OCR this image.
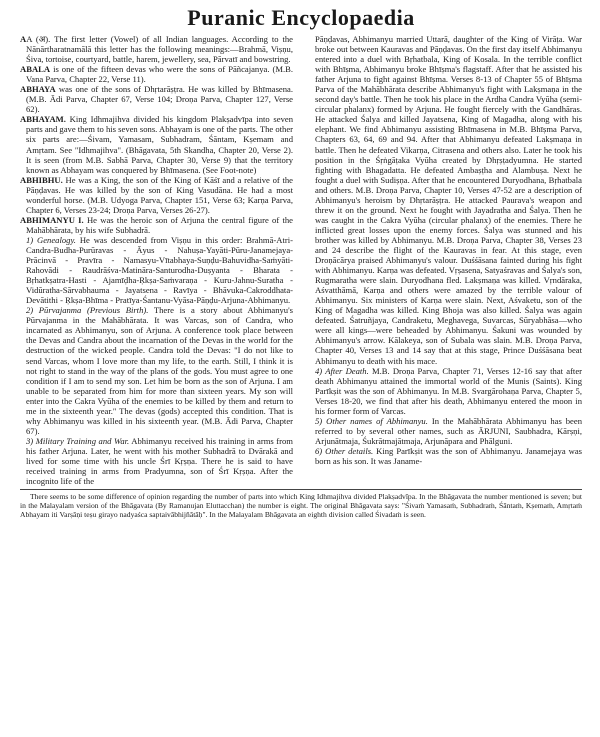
Puranic Encyclopaedia

AA (अ). The first letter (Vowel) of all Indian languages. According to the Nānārtharatnamālā this letter has the following meanings:—Brahmā, Viṣṇu, Śiva, tortoise, courtyard, battle, harem, jewellery, sea, Pārvatī and bowstring.

ABALA is one of the fifteen devas who were the sons of Pāñcajanya. (M.B. Vana Parva, Chapter 22, Verse 11).

ABHAYA was one of the sons of Dhṛtarāṣṭra. He was killed by Bhīmasena. (M.B. Ādi Parva, Chapter 67, Verse 104; Droṇa Parva, Chapter 127, Verse 62).

ABHAYAM. King Idhmajihva divided his kingdom Plakṣadvīpa into seven parts and gave them to his seven sons. Abhayam is one of the parts. The other six parts are:—Śivam, Yamasam, Subhadram, Śāntam, Kṣemam and Amṛtam. See "Idhmajihva". (Bhāgavata, 5th Skandha, Chapter 20, Verse 2). It is seen (from M.B. Sabhā Parva, Chapter 30, Verse 9) that the territory known as Abhayam was conquered by Bhīmasena. (See Foot-note)

ABHIBHU. He was a King, the son of the King of Kāśī and a relative of the Pāṇḍavas. He was killed by the son of King Vasudāna. He had a most wonderful horse. (M.B. Udyoga Parva, Chapter 151, Verse 63; Karṇa Parva, Chapter 6, Verses 23-24; Droṇa Parva, Verses 26-27).

ABHIMANYU I. He was the heroic son of Arjuna the central figure of the Mahābhārata, by his wife Subhadrā.

1) Genealogy. He was descended from Viṣṇu in this order: Brahmā-Atri-Candra-Budha-Purūravas - Āyus - Nahuṣa-Yayāti-Pūru-Janamejaya- Prācinvā - Pravīra - Namasyu-Vītabhaya-Suṇḍu-Bahuvidha-Saṁyāti-Rahovādi - Raudrāśva-Matināra-Santurodha-Duṣyanta - Bharata - Bṛhatkṣatra-Hasti - Ajamīḍha-Ṛkṣa-Saṁvaraṇa - Kuru-Jahnu-Suratha - Vidūratha-Sārvabhauma - Jayatsena - Ravīya - Bhāvuka-Cakroddhata-Devātithi - Ṛkṣa-Bhīma - Pratīya-Śantanu-Vyāsa-Pāṇḍu-Arjuna-Abhimanyu.

2) Pūrvajanma (Previous Birth). There is a story about Abhimanyu's Pūrvajanma in the Mahābhārata. It was Varcas, son of Candra, who incarnated as Abhimanyu, son of Arjuna. A conference took place between the Devas and Candra about the incarnation of the Devas in the world for the destruction of the wicked people. Candra told the Devas: "I do not like to send Varcas, whom I love more than my life, to the earth. Still, I think it is not right to stand in the way of the plans of the gods. You must agree to one condition if I am to send my son. Let him be born as the son of Arjuna. I am unable to be separated from him for more than sixteen years. My son will enter into the Cakra Vyūha of the enemies to be killed by them and return to me in the sixteenth year." The devas (gods) accepted this condition. That is why Abhimanyu was killed in his sixteenth year. (M.B. Ādi Parva, Chapter 67).

3) Military Training and War. Abhimanyu received his training in arms from his father Arjuna. Later, he went with his mother Subhadrā to Dvārakā and lived for some time with his uncle Śrī Kṛṣṇa. There he is said to have received training in arms from Pradyumna, son of Śrī Kṛṣṇa. After the incognito life of the

Pāṇḍavas, Abhimanyu married Uttarā, daughter of the King of Virāṭa. War broke out between Kauravas and Pāṇḍavas. On the first day itself Abhimanyu entered into a duel with Bṛhatbala, King of Kosala. In the terrible conflict with Bhīṣma, Abhimanyu broke Bhīṣma's flagstaff. After that he assisted his father Arjuna to fight against Bhīṣma. Verses 8-13 of Chapter 55 of Bhīṣma Parva of the Mahābhārata describe Abhimanyu's fight with Lakṣmaṇa in the second day's battle. Then he took his place in the Ardha Candra Vyūha (semi-circular phalanx) formed by Arjuna. He fought fiercely with the Gandhāras. He attacked Śalya and killed Jayatsena, King of Magadha, along with his elephant. We find Abhimanyu assisting Bhīmasena in M.B. Bhīṣma Parva, Chapters 63, 64, 69 and 94. After that Abhimanyu defeated Lakṣmaṇa in battle. Then he defeated Vikarṇa, Citrasena and others also. Later he took his position in the Śṛṅgāṭaka Vyūha created by Dhṛṣṭadyumna. He started fighting with Bhagadatta. He defeated Ambaṣṭha and Alambuṣa. Next he fought a duel with Sudiṣṇa. After that he encountered Duryodhana, Bṛhatbala and others. M.B. Droṇa Parva, Chapter 10, Verses 47-52 are a description of Abhimanyu's heroism by Dhṛtarāṣṭra. He attacked Paurava's weapon and threw it on the ground. Next he fought with Jayadratha and Śalya. Then he was caught in the Cakra Vyūha (circular phalanx) of the enemies. There he inflicted great losses upon the enemy forces. Śalya was stunned and his brother was killed by Abhimanyu. M.B. Droṇa Parva, Chapter 38, Verses 23 and 24 describe the flight of the Kauravas in fear. At this stage, even Droṇācārya praised Abhimanyu's valour. Duśśāsana fainted during his fight with Abhimanyu. Karṇa was defeated. Vṛṣasena, Satyaśravas and Śalya's son, Rugmaratha were slain. Duryodhana fled. Lakṣmaṇa was killed. Vṛndāraka, Aśvatthāmā, Karṇa and others were amazed by the terrible valour of Abhimanyu. Six ministers of Karṇa were slain. Next, Aśvaketu, son of the King of Magadha was killed. King Bhoja was also killed. Śalya was again defeated. Śatruñjaya, Candraketu, Meghavega, Suvarcas, Sūryabhāsa—who were all kings—were beheaded by Abhimanyu. Śakuni was wounded by Abhimanyu's arrow. Kālakeya, son of Subala was slain. M.B. Droṇa Parva, Chapter 40, Verses 13 and 14 say that at this stage, Prince Duśśāsana beat Abhimanyu to death with his mace.

4) After Death. M.B. Droṇa Parva, Chapter 71, Verses 12-16 say that after death Abhimanyu attained the immortal world of the Munis (Saints). King Parīkṣit was the son of Abhimanyu. In M.B. Svargārohaṇa Parva, Chapter 5, Verses 18-20, we find that after his death, Abhimanyu entered the moon in his former form of Varcas.

5) Other names of Abhimanyu. In the Mahābhārata Abhimanyu has been referred to by several other names, such as ĀRJUNI, Saubhadra, Kārṣṇi, Arjunātmaja, Śukrātmajātmaja, Arjunāpara and Phālguni.

6) Other details. King Parīkṣit was the son of Abhimanyu. Janamejaya was born as his son. It was Janame-

There seems to be some difference of opinion regarding the number of parts into which King Idhmajihva divided Plakṣadvīpa. In the Bhāgavata the number mentioned is seven; but in the Malayalam version of the Bhāgavata (By Ramanujan Eluttacchan) the number is eight. The original Bhāgavata says: "Śivaṁ Yamasaṁ, Subhadraṁ, Śāntaṁ, Kṣemaṁ, Amṛtaṁ Abhayam iti Varṣāṇi teṣu girayo nadyaśca saptaivābhijñātāḥ". In the Malayalam Bhāgavata an eighth division called Śivadaṁ is seen.
